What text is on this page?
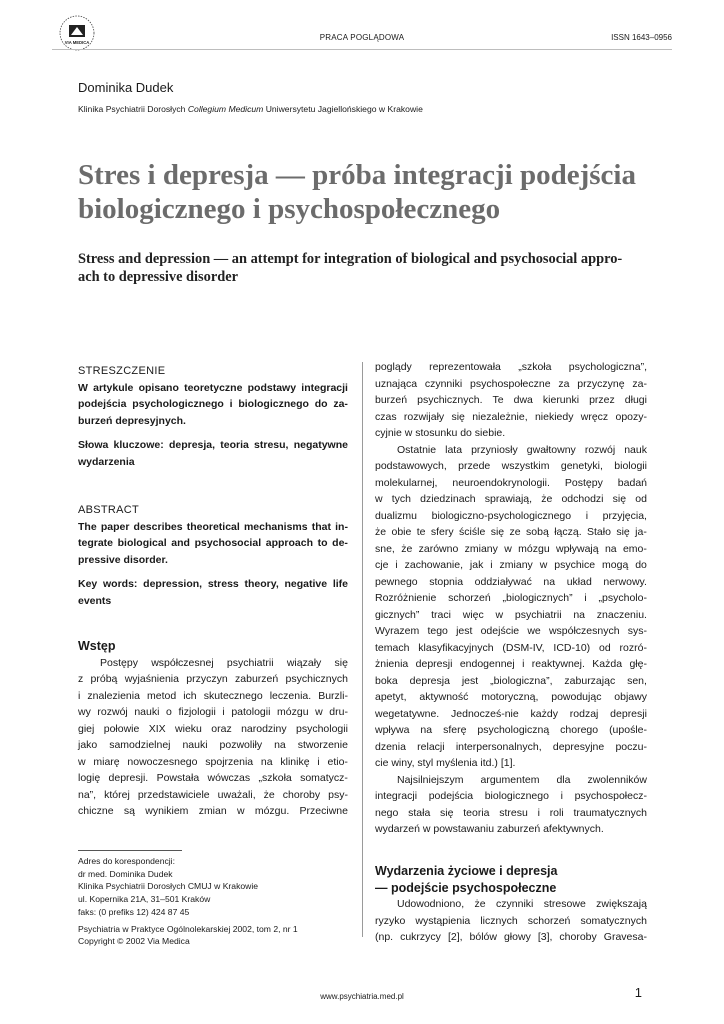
VIA MEDICA
PRACA POGLĄDOWA	ISSN 1643–0956
Dominika Dudek
Klinika Psychiatrii Dorosłych Collegium Medicum Uniwersytetu Jagiellońskiego w Krakowie
Stres i depresja — próba integracji podejścia
biologicznego i psychospołecznego
Stress and depression — an attempt for integration of biological and psychosocial appro-
ach to depressive disorder
STRESZCZENIE
W artykule opisano teoretyczne podstawy integracji
podejścia psychologicznego i biologicznego do za-
burzeń depresyjnych.
Słowa kluczowe: depresja, teoria stresu, negatywne
wydarzenia
ABSTRACT
The paper describes theoretical mechanisms that in-
tegrate biological and psychosocial approach to de-
pressive disorder.
Key words: depression, stress theory, negative life
events
Wstęp
Postępy współczesnej psychiatrii wiązały się
z próbą wyjaśnienia przyczyn zaburzeń psychicznych
i znalezienia metod ich skutecznego leczenia. Burzli-
wy rozwój nauki o fizjologii i patologii mózgu w dru-
giej połowie XIX wieku oraz narodziny psychologii
jako samodzielnej nauki pozwoliły na stworzenie
w miarę nowoczesnego spojrzenia na klinikę i etio-
logię depresji. Powstała wówczas „szkoła somatycz-
na”, której przedstawiciele uważali, że choroby psy-
chiczne są wynikiem zmian w mózgu. Przeciwne
Adres do korespondencji:
dr med. Dominika Dudek
Klinika Psychiatrii Dorosłych CMUJ w Krakowie
ul. Kopernika 21A, 31–501 Kraków
faks: (0 prefiks 12) 424 87 45
Psychiatria w Praktyce Ogólnolekarskiej 2002, tom 2, nr 1
Copyright © 2002 Via Medica
poglądy reprezentowała „szkoła psychologiczna”,
uznająca czynniki psychospołeczne za przyczynę za-
burzeń psychicznych. Te dwa kierunki przez długi
czas rozwijały się niezależnie, niekiedy wręcz opozy-
cyjnie w stosunku do siebie.
Ostatnie lata przyniosły gwałtowny rozwój nauk
podstawowych, przede wszystkim genetyki, biologii
molekularnej, neuroendokrynologii. Postępy badań
w tych dziedzinach sprawiają, że odchodzi się od
dualizmu biologiczno-psychologicznego i przyjęcia,
że obie te sfery ściśle się ze sobą łączą. Stało się ja-
sne, że zarówno zmiany w mózgu wpływają na emo-
cje i zachowanie, jak i zmiany w psychice mogą do
pewnego stopnia oddziaływać na układ nerwowy.
Rozróżnienie schorzeń „biologicznych” i „psycholo-
gicznych” traci więc w psychiatrii na znaczeniu.
Wyrazem tego jest odejście we współczesnych sys-
temach klasyfikacyjnych (DSM-IV, ICD-10) od rozró-
żnienia depresji endogennej i reaktywnej. Każda głę-
boka depresja jest „biologiczna”, zaburzając sen,
apetyt, aktywność motoryczną, powodując objawy
wegetatywne. Jednocześ-nie każdy rodzaj depresji
wpływa na sferę psychologiczną chorego (upośle-
dzenia relacji interpersonalnych, depresyjne poczu-
cie winy, styl myślenia itd.) [1].
Najsilniejszym argumentem dla zwolenników
integracji podejścia biologicznego i psychospołecz-
nego stała się teoria stresu i roli traumatycznych
wydarzeń w powstawaniu zaburzeń afektywnych.
Wydarzenia życiowe i depresja
— podejście psychospołeczne
Udowodniono, że czynniki stresowe zwiększają
ryzyko wystąpienia licznych schorzeń somatycznych
(np. cukrzycy [2], bólów głowy [3], choroby Gravesa-
www.psychiatria.med.pl	1
